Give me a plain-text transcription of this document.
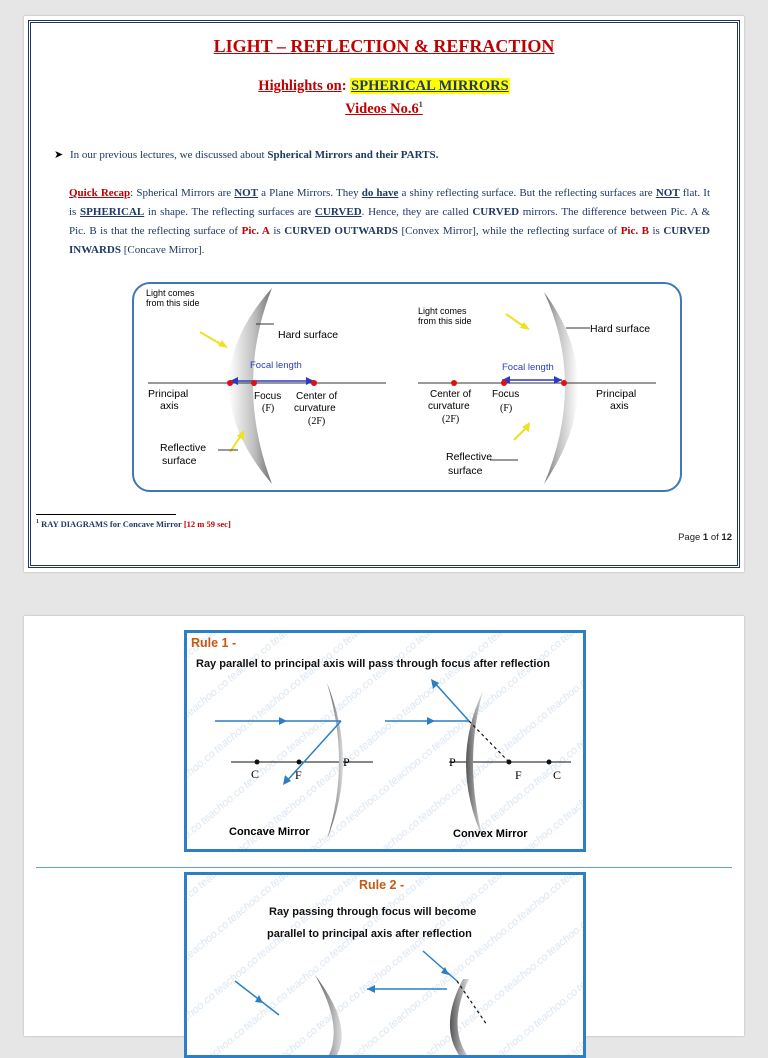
LIGHT – REFLECTION & REFRACTION
Highlights on: SPHERICAL MIRRORS
Videos $No.6^1$
➤ In our previous lectures, we discussed about Spherical Mirrors and their PARTS.
Quick Recap: Spherical Mirrors are NOT a Plane Mirrors. They do have a shiny reflecting surface. But the reflecting surfaces are NOT flat. It is SPHERICAL in shape. The reflecting surfaces are CURVED. Hence, they are called CURVED mirrors. The difference between Pic. A & Pic. B is that the reflecting surface of Pic. A is CURVED OUTWARDS [Convex Mirror], while the reflecting surface of Pic. B is CURVED INWARDS [Concave Mirror].
Light comes
from this side
Hard surface
Focal length
Principal
axis
Focus
(F)
Center of
curvature
(2F)
Reflective
surface
Light comes
from this side
Hard surface
Focal length
Center of
curvature
(2F)
Focus
(F)
Principal
axis
Reflective
surface
$^1$ RAY DIAGRAMS for Concave Mirror [12 m 59 sec]
Page 1 of 12
Rule 1 -
Ray parallel to principal axis will pass through focus after reflection
C	F
P
Concave Mirror
P
F	C
Convex Mirror
Rule 2 -
Ray passing through focus will become
parallel to principal axis after reflection
